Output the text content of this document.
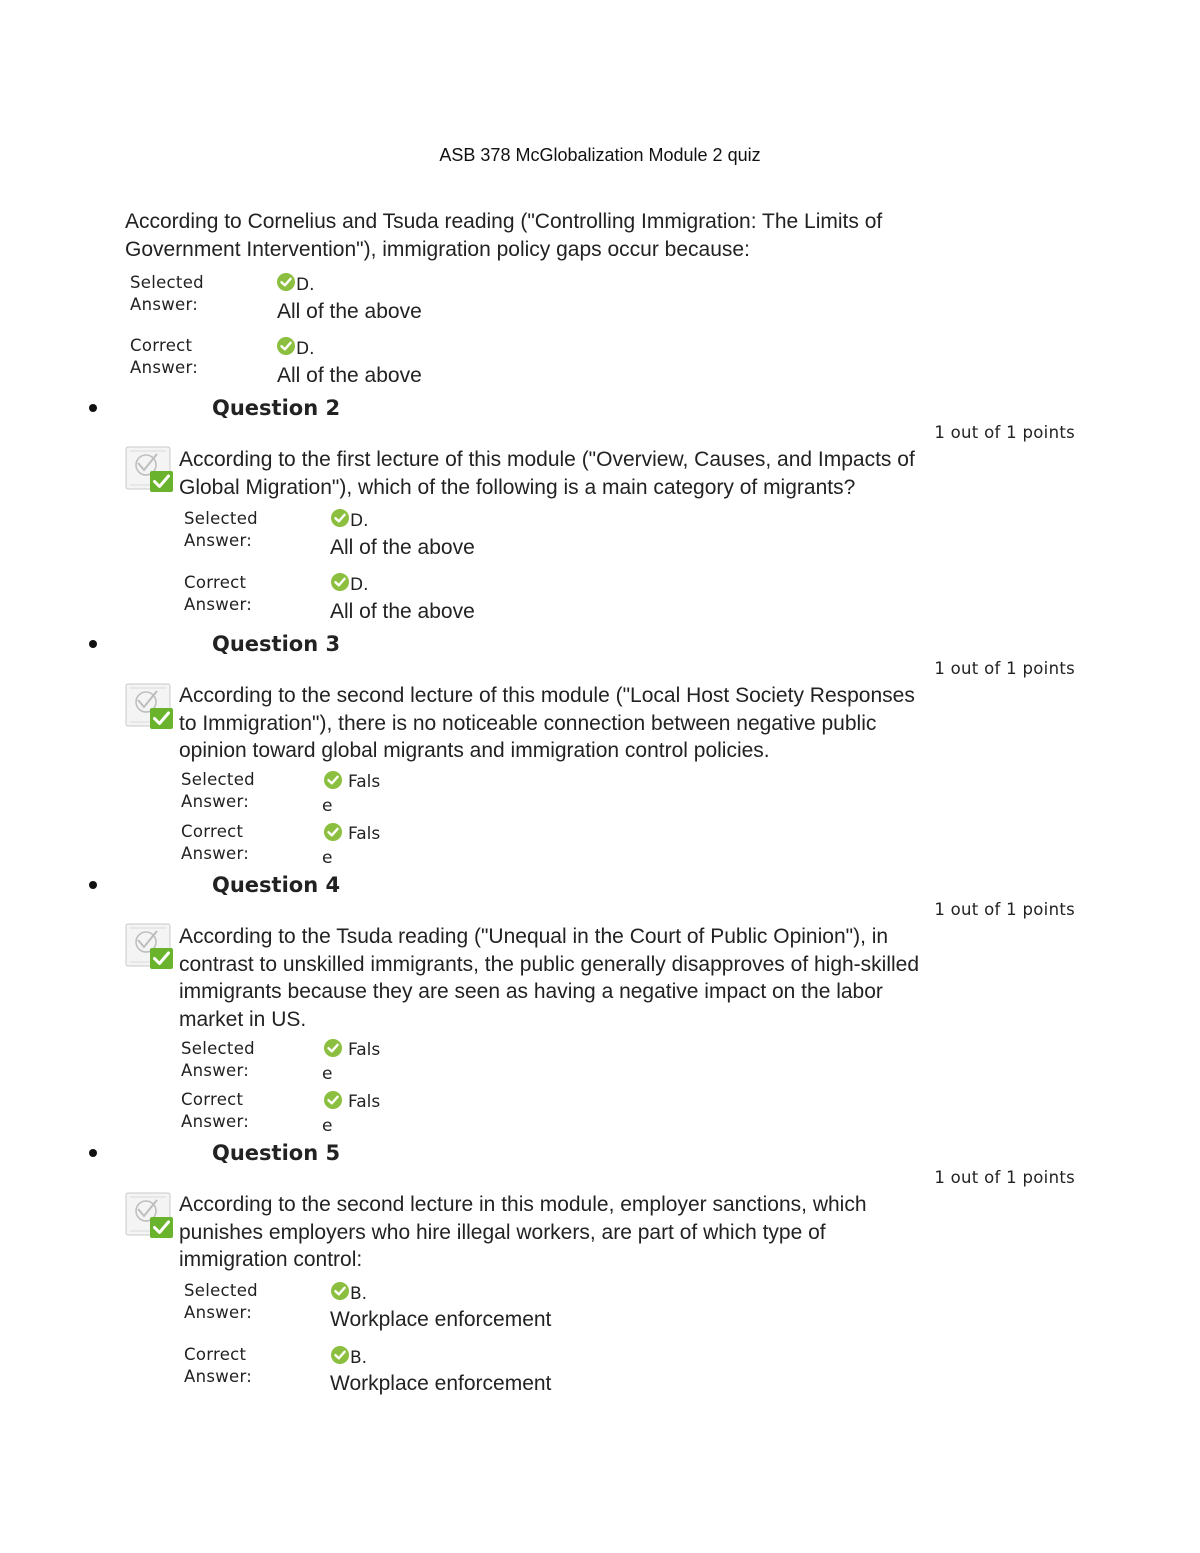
ASB 378 McGlobalization Module 2 quiz
According to Cornelius and Tsuda reading ("Controlling Immigration: The Limits of
Government Intervention"), immigration policy gaps occur because:
Selected
Answer:
D.
All of the above
Correct
Answer:
D.
All of the above
Question 2
1 out of 1 points
According to the first lecture of this module ("Overview, Causes, and Impacts of
Global Migration"), which of the following is a main category of migrants?
Selected
Answer:
D.
All of the above
Correct
Answer:
D.
All of the above
Question 3
1 out of 1 points
According to the second lecture of this module ("Local Host Society Responses
to Immigration"), there is no noticeable connection between negative public
opinion toward global migrants and immigration control policies.
Selected
Answer:
Fals
e
Correct
Answer:
Fals
e
Question 4
1 out of 1 points
According to the Tsuda reading ("Unequal in the Court of Public Opinion"), in
contrast to unskilled immigrants, the public generally disapproves of high-skilled
immigrants because they are seen as having a negative impact on the labor
market in US.
Selected
Answer:
Fals
e
Correct
Answer:
Fals
e
Question 5
1 out of 1 points
According to the second lecture in this module, employer sanctions, which
punishes employers who hire illegal workers, are part of which type of
immigration control:
Selected
Answer:
B.
Workplace enforcement
Correct
Answer:
B.
Workplace enforcement
